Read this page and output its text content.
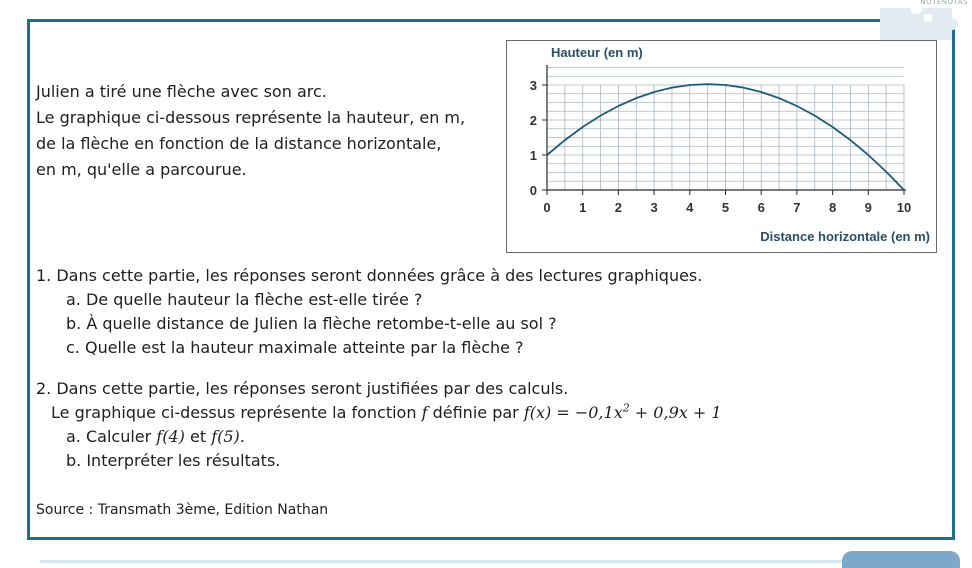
NOTENOTAS

Julien a tiré une flèche avec son arc.

Le graphique ci-dessous représente la hauteur, en m,

de la flèche en fonction de la distance horizontale,

en m, qu'elle a parcourue.

0 1 2 3 4 5 6 7 8 9 10
0
1
2
3
Hauteur (en m)
Distance horizontale (en m)
1. Dans cette partie, les réponses seront données grâce à des lectures graphiques.
a. De quelle hauteur la flèche est-elle tirée ?
b. À quelle distance de Julien la flèche retombe-t-elle au sol ?
c. Quelle est la hauteur maximale atteinte par la flèche ?
2. Dans cette partie, les réponses seront justifiées par des calculs.
Le graphique ci-dessus représente la fonction f définie par $f(x) = -0,1x^2 + 0,9x + 1$
a. Calculer f(4) et f(5).
b. Interpréter les résultats.
Source : Transmath 3ème, Edition Nathan
